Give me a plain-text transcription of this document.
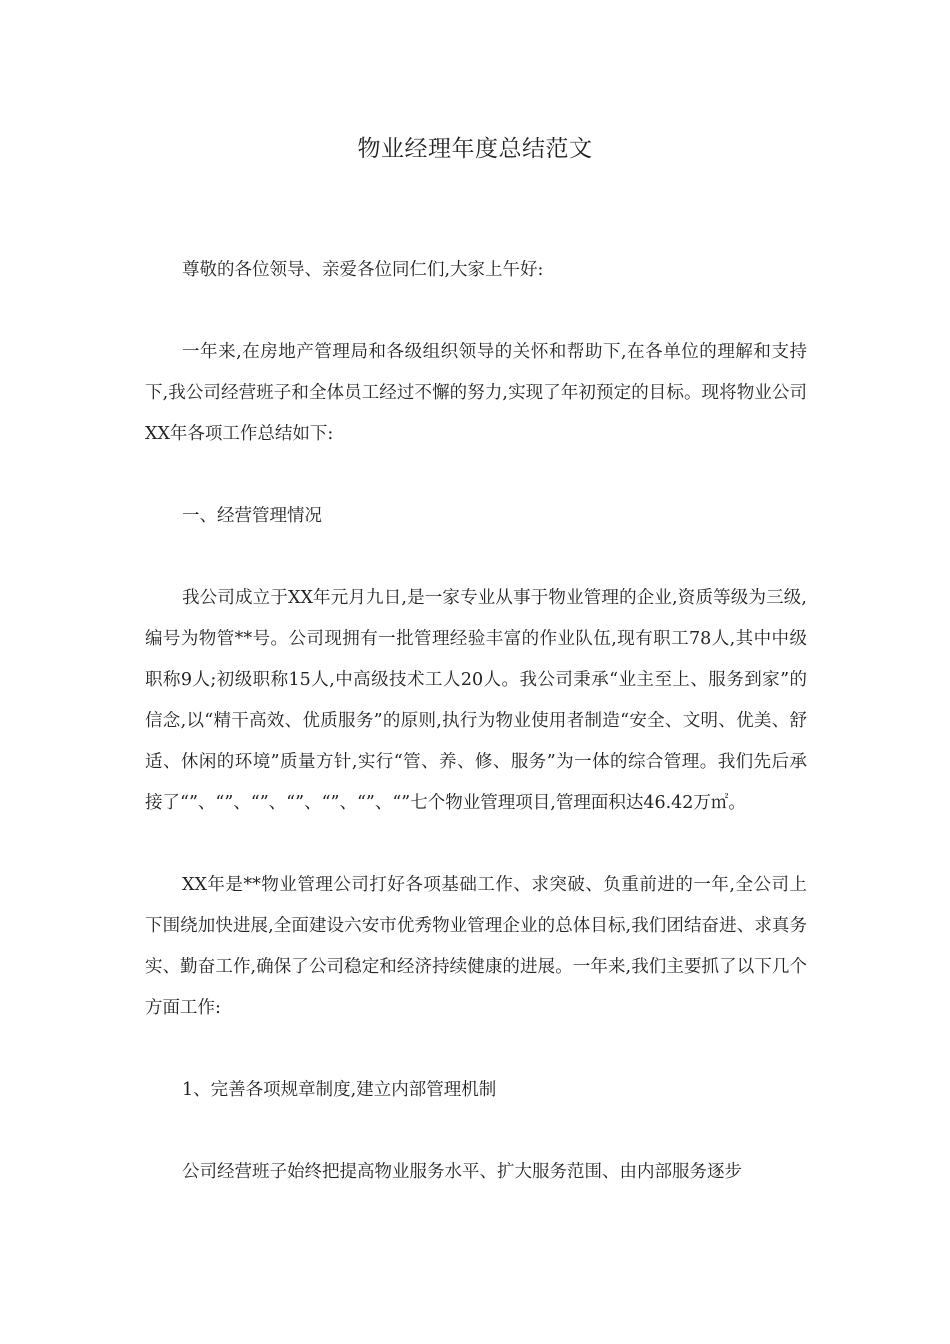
物业经理年度总结范文

尊敬的各位领导、亲爱各位同仁们,大家上午好:

一年来,在房地产管理局和各级组织领导的关怀和帮助下,在各单位的理解和支持下,我公司经营班子和全体员工经过不懈的努力,实现了年初预定的目标。现将物业公司XX年各项工作总结如下:

一、经营管理情况

我公司成立于XX年元月九日,是一家专业从事于物业管理的企业,资质等级为三级,编号为物管**号。公司现拥有一批管理经验丰富的作业队伍,现有职工78人,其中中级职称9人;初级职称15人,中高级技术工人20人。我公司秉承“业主至上、服务到家”的信念,以“精干高效、优质服务”的原则,执行为物业使用者制造“安全、文明、优美、舒适、休闲的环境”质量方针,实行“管、养、修、服务”为一体的综合管理。我们先后承接了“”、“”、“”、“”、“”、“”、“”七个物业管理项目,管理面积达46.42万㎡。

XX年是**物业管理公司打好各项基础工作、求突破、负重前进的一年,全公司上下围绕加快进展,全面建设六安市优秀物业管理企业的总体目标,我们团结奋进、求真务实、勤奋工作,确保了公司稳定和经济持续健康的进展。一年来,我们主要抓了以下几个方面工作:

1、完善各项规章制度,建立内部管理机制

公司经营班子始终把提高物业服务水平、扩大服务范围、由内部服务逐步
